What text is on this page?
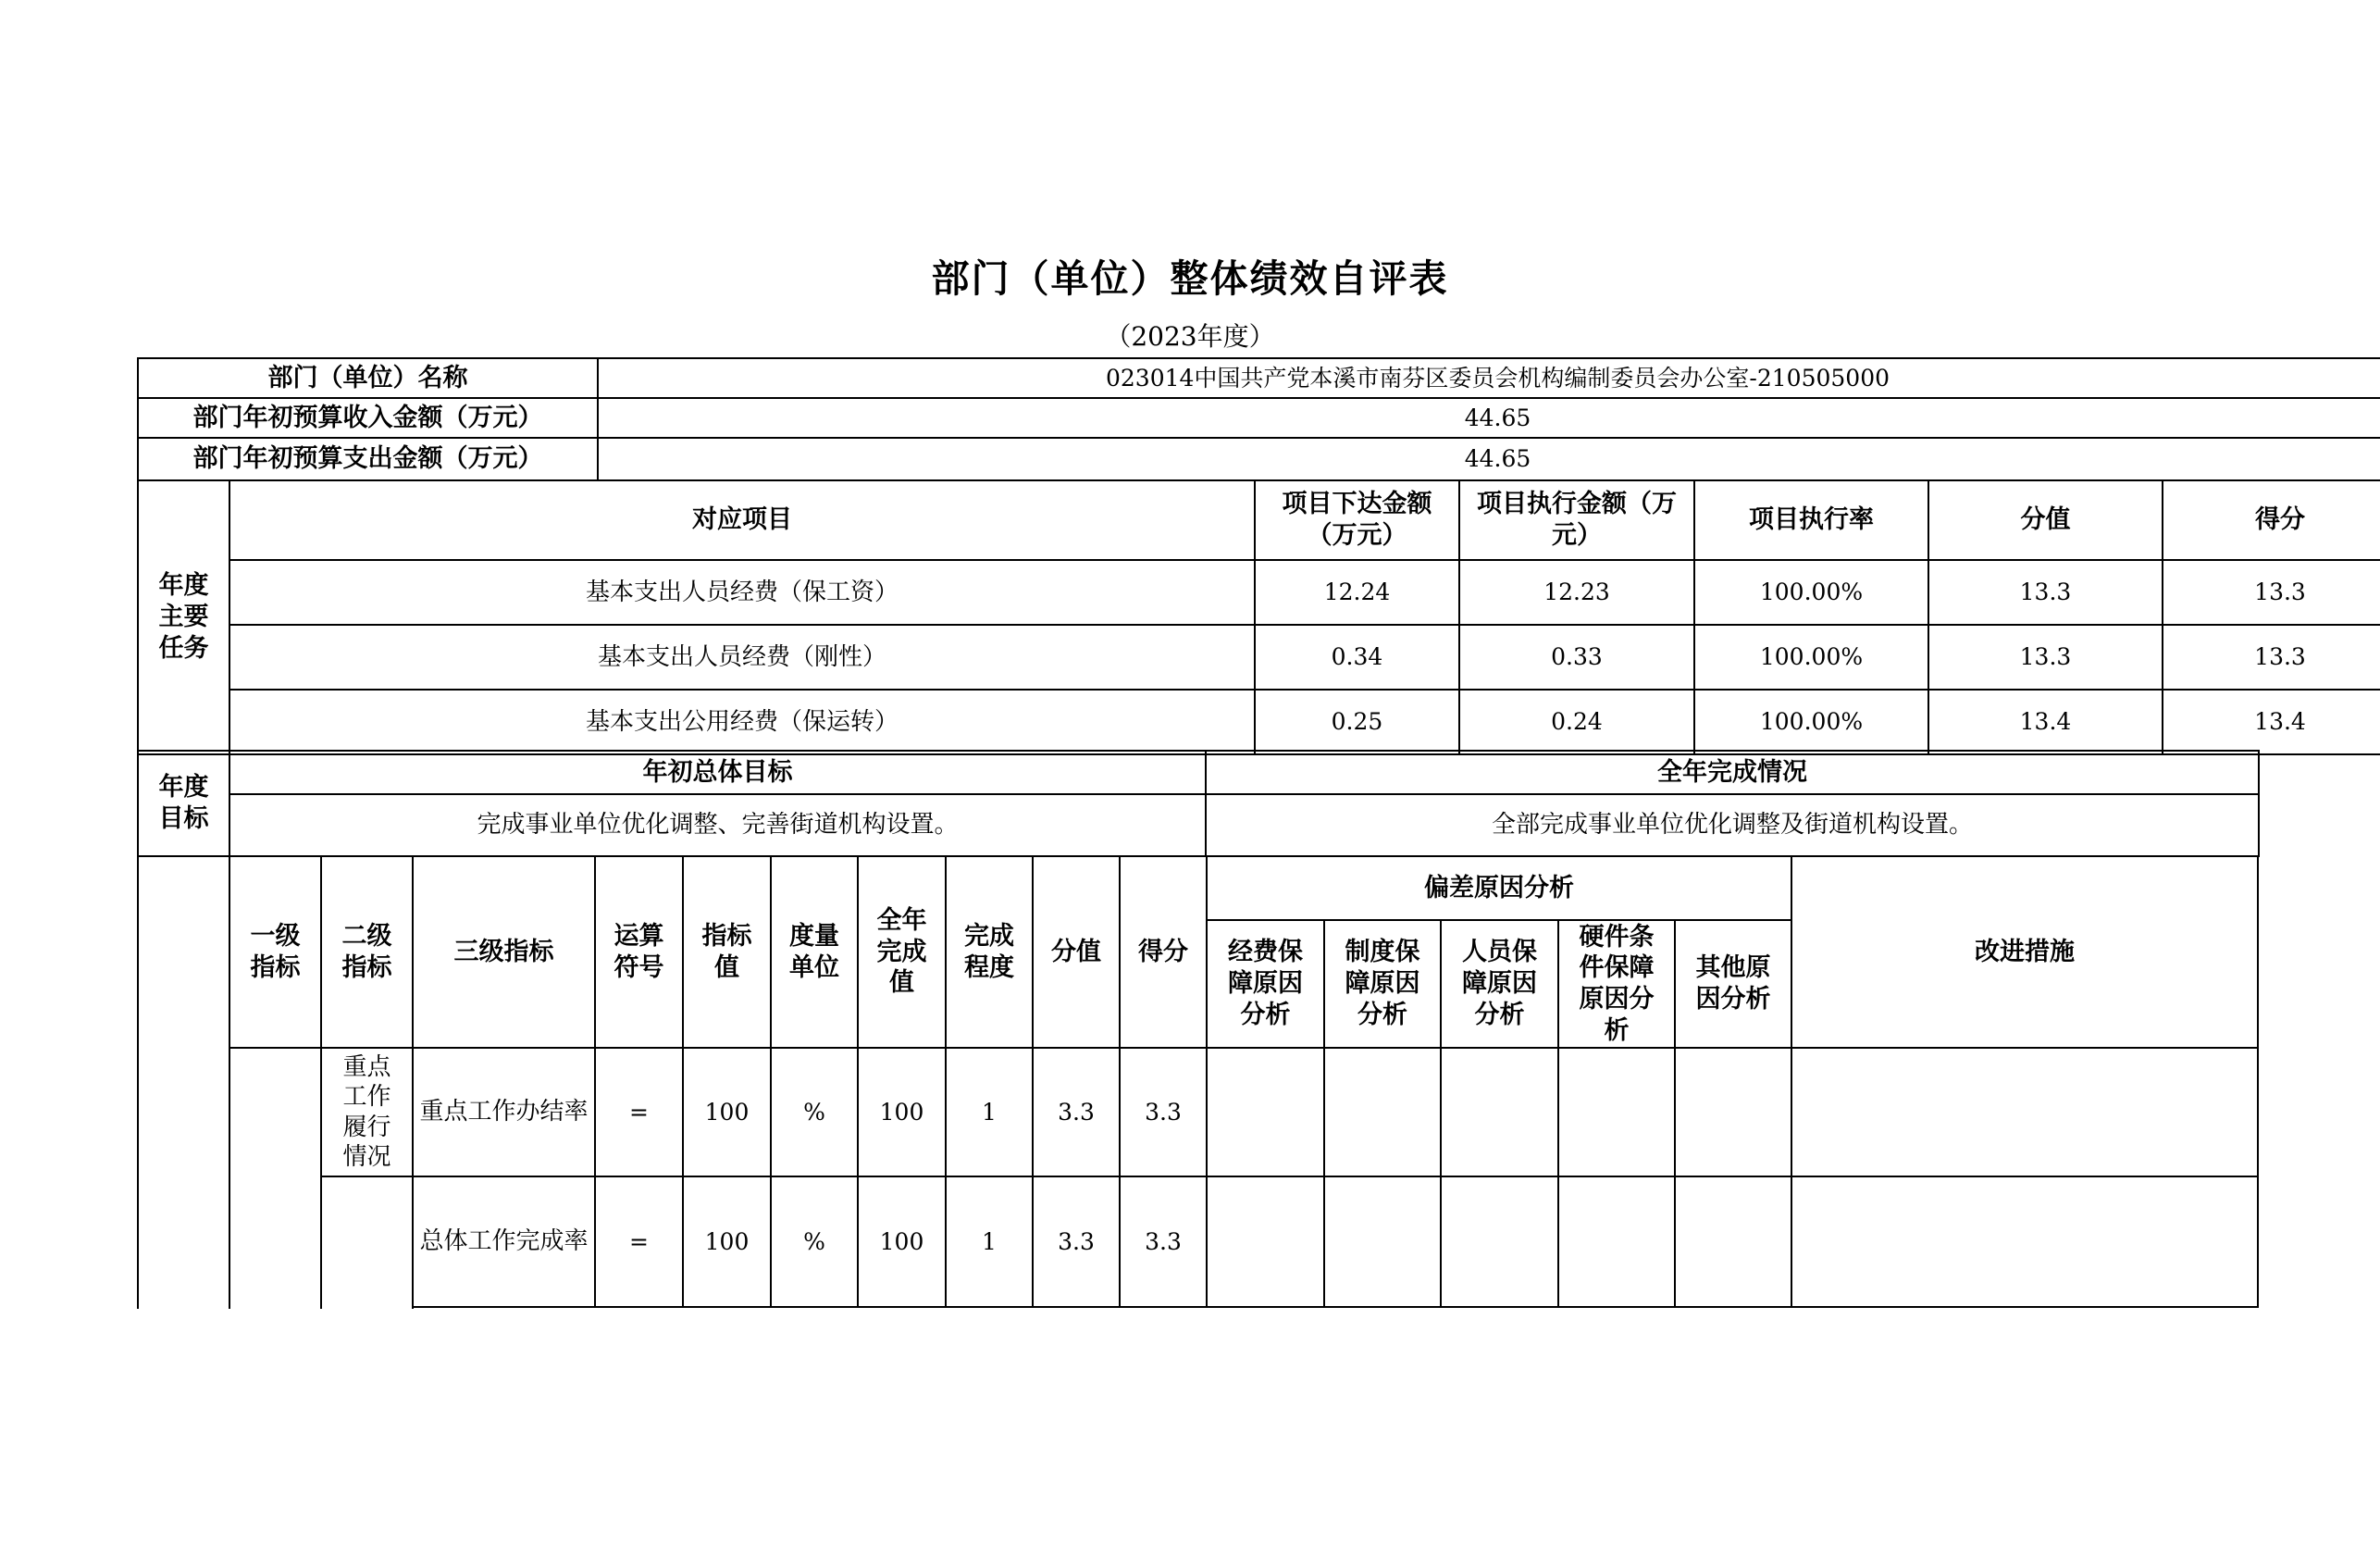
部门（单位）整体绩效自评表
（2023年度）
部门（单位）名称		023014中国共产党本溪市南芬区委员会机构编制委员会办公室-210505000					
部门年初预算收入金额（万元）		44.65					
部门年初预算支出金额（万元）		44.65					
年度主要任务	对应项目		项目下达金额（万元）	项目执行金额（万元）	项目执行率	分值	得分
	基本支出人员经费（保工资）		12.24	12.23	100.00%	13.3	13.3
	基本支出人员经费（刚性）		0.34	0.33	100.00%	13.3	13.3
	基本支出公用经费（保运转）		0.25	0.24	100.00%	13.4	13.4
年度目标	年初总体目标	全年完成情况
	完成事业单位优化调整、完善街道机构设置。	全部完成事业单位优化调整及街道机构设置。
	一级指标	二级指标	三级指标	运算符号	指标值	度量单位	全年完成值	完成程度	分值	得分	偏差原因分析					改进措施
											经费保障原因分析	制度保障原因分析	人员保障原因分析	硬件条件保障原因分析	其他原因分析	
		重点工作履行情况	重点工作办结率	=	100	%	100	1	3.3	3.3						
			总体工作完成率	=	100	%	100	1	3.3	3.3						
